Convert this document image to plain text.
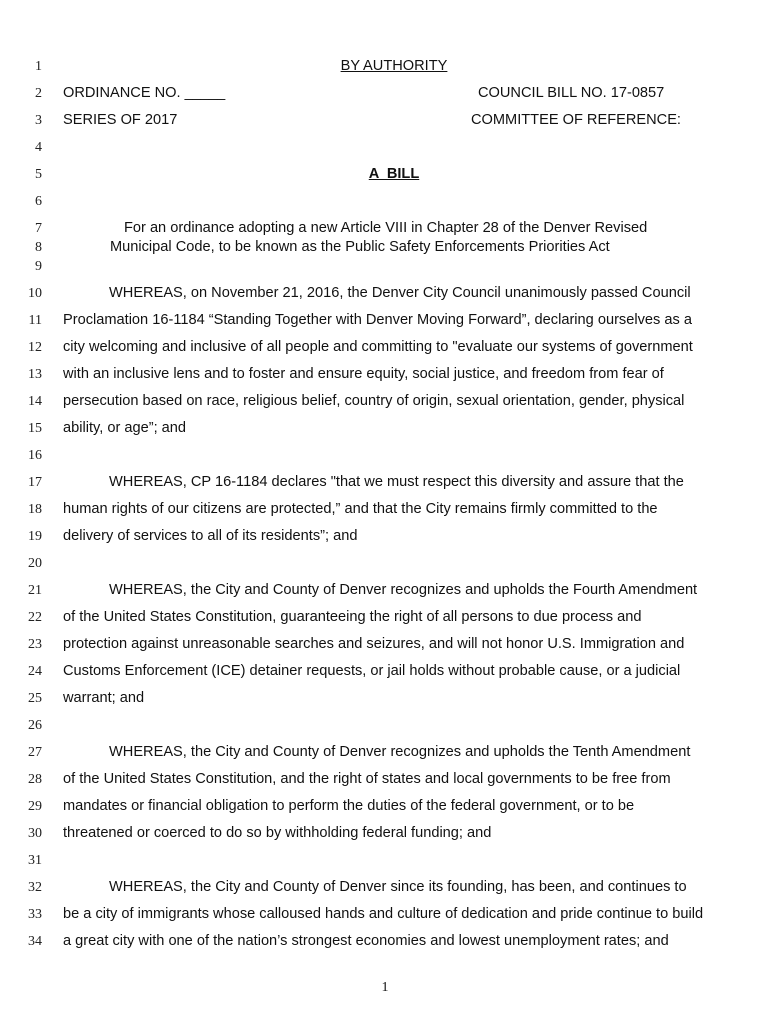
1
2
3
4
5
6
7
8
9
10
11
12
13
14
15
16
17
18
19
20
21
22
23
24
25
26
27
28
29
30
31
32
33
34
BY AUTHORITY
ORDINANCE NO. _____	COUNCIL BILL NO. 17-0857
SERIES OF 2017	COMMITTEE OF REFERENCE:
A  BILL
For an ordinance adopting a new Article VIII in Chapter 28 of the Denver Revised
Municipal Code, to be known as the Public Safety Enforcements Priorities Act
WHEREAS, on November 21, 2016, the Denver City Council unanimously passed Council
Proclamation 16-1184 “Standing Together with Denver Moving Forward”, declaring ourselves as a
city welcoming and inclusive of all people and committing to "evaluate our systems of government
with an inclusive lens and to foster and ensure equity, social justice, and freedom from fear of
persecution based on race, religious belief, country of origin, sexual orientation, gender, physical
ability, or age”; and
WHEREAS, CP 16-1184 declares "that we must respect this diversity and assure that the
human rights of our citizens are protected,” and that the City remains firmly committed to the
delivery of services to all of its residents”; and
WHEREAS, the City and County of Denver recognizes and upholds the Fourth Amendment
of the United States Constitution, guaranteeing the right of all persons to due process and
protection against unreasonable searches and seizures, and will not honor U.S. Immigration and
Customs Enforcement (ICE) detainer requests, or jail holds without probable cause, or a judicial
warrant; and
WHEREAS, the City and County of Denver recognizes and upholds the Tenth Amendment
of the United States Constitution, and the right of states and local governments to be free from
mandates or financial obligation to perform the duties of the federal government, or to be
threatened or coerced to do so by withholding federal funding; and
WHEREAS, the City and County of Denver since its founding, has been, and continues to
be a city of immigrants whose calloused hands and culture of dedication and pride continue to build
a great city with one of the nation’s strongest economies and lowest unemployment rates; and
1
